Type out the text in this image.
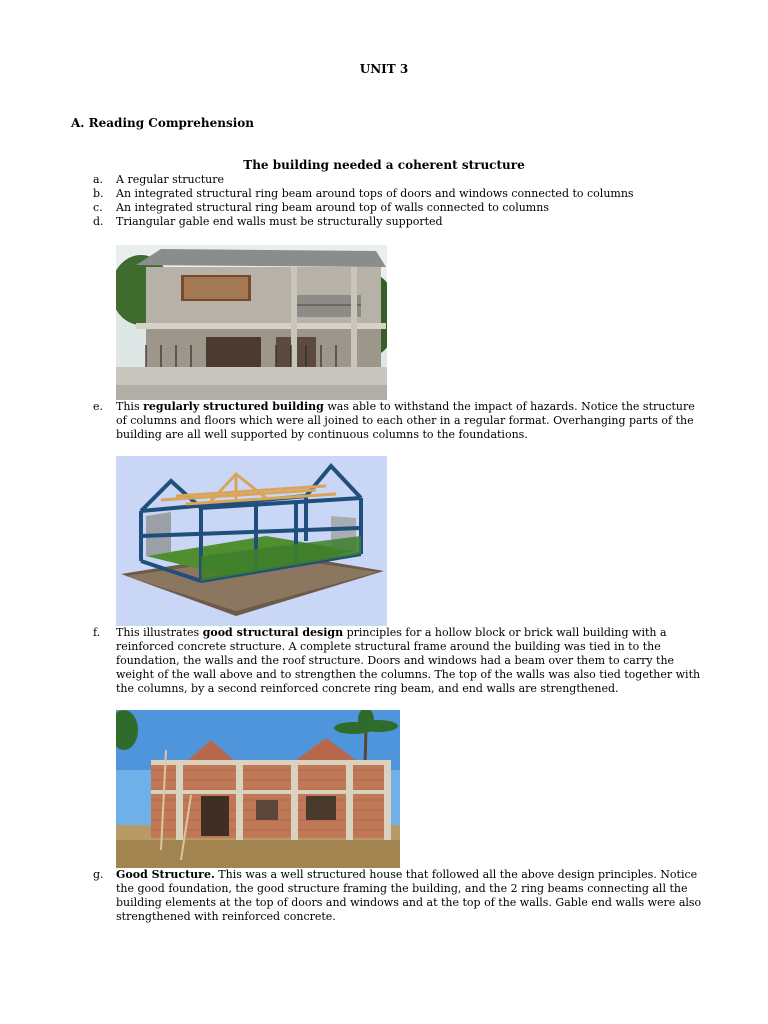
UNIT 3
A. Reading Comprehension
The building needed a coherent structure
a.	A regular structure
b.	An integrated structural ring beam around tops of doors and windows connected to columns
c.	An integrated structural ring beam around top of walls connected to columns
d.	Triangular gable end walls must be structurally supported
e.	This regularly structured building was able to withstand the impact of hazards. Notice the structure of columns and floors which were all joined to each other in a regular format. Overhanging parts of the building are all well supported by continuous columns to the foundations.
f.	This illustrates good structural design principles for a hollow block or brick wall building with a reinforced concrete structure. A complete structural frame around the building was tied in to the foundation, the walls and the roof structure. Doors and windows had a beam over them to carry the weight of the wall above and to strengthen the columns. The top of the walls was also tied together with the columns, by a second reinforced concrete ring beam, and end walls are strengthened.
g.	Good Structure. This was a well structured house that followed all the above design principles. Notice the good foundation, the good structure framing the building, and the 2 ring beams connecting all the building elements at the top of doors and windows and at the top of the walls. Gable end walls were also strengthened with reinforced concrete.
